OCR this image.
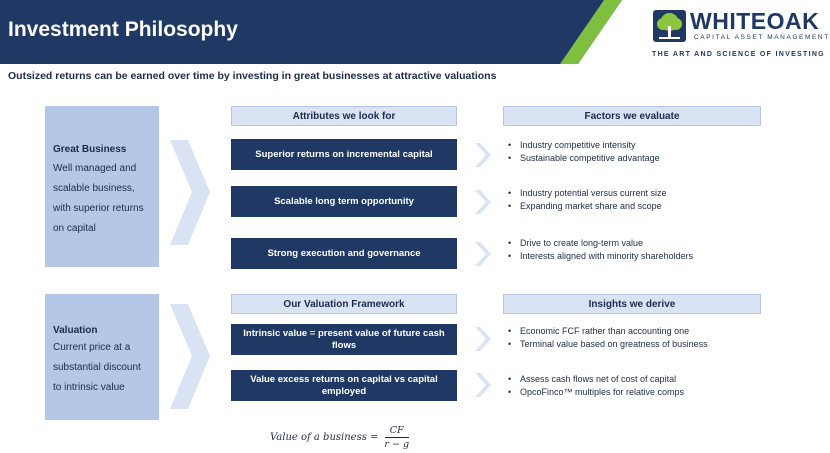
Investment Philosophy	WHITEOAK
CAPITAL ASSET MANAGEMENT
THE ART AND SCIENCE OF INVESTING
Outsized returns can be earned over time by investing in great businesses at attractive valuations
Great Business
Well managed and scalable business, with superior returns on capital
Attributes we look for	Factors we evaluate
Superior returns on incremental capital
Scalable long term opportunity
Strong execution and governance
• Industry competitive intensity
• Sustainable competitive advantage
• Industry potential versus current size
• Expanding market share and scope
• Drive to create long-term value
• Interests aligned with minority shareholders
Valuation
Current price at a substantial discount to intrinsic value
Our Valuation Framework	Insights we derive
Intrinsic value = present value of future cash flows
Value excess returns on capital vs capital employed
• Economic FCF rather than accounting one
• Terminal value based on greatness of business
• Assess cash flows net of cost of capital
• OpcoFinco™ multiples for relative comps
Value of a business = $\frac{CF}{r - g}$
